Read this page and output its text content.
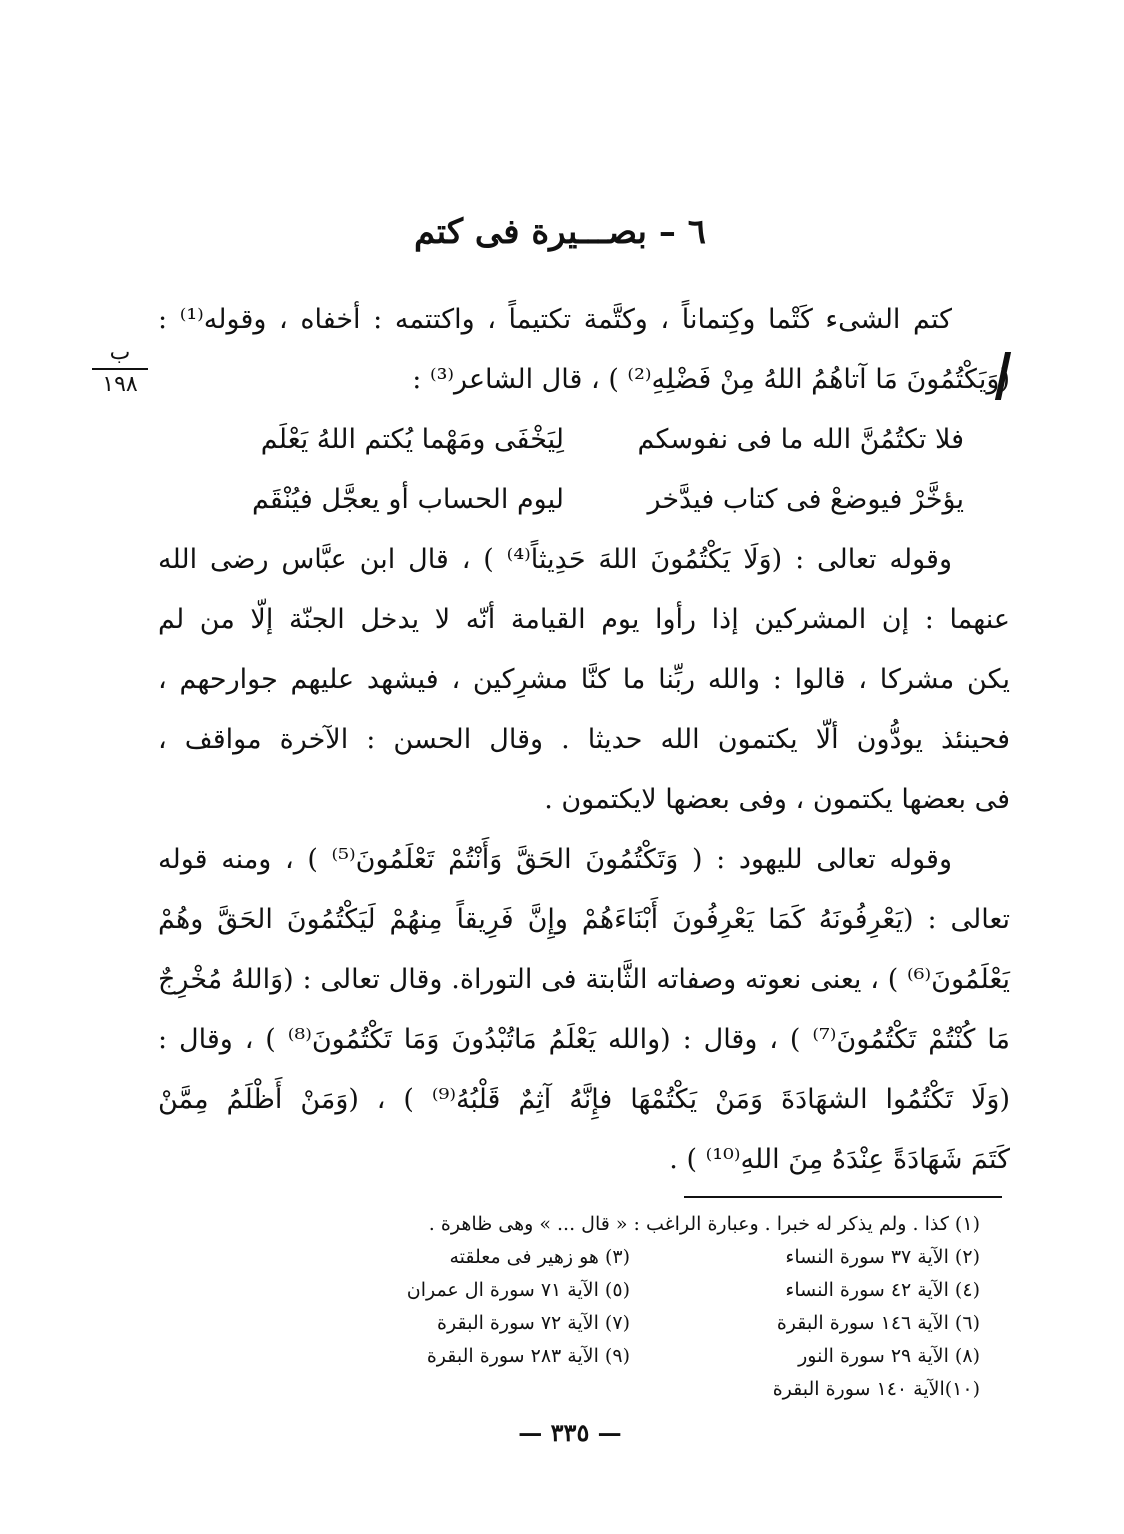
٦ – بصـــيرة فى كتم
ب
١٩٨
كتم الشىء كَتْما وكِتماناً ، وكتَّمة تكتيماً ، واكتتمه : أخفاه ، وقوله⁽¹⁾ :
(وَيَكْتُمُونَ مَا آتاهُمُ اللهُ مِنْ فَضْلِهِ⁽²⁾ ) ، قال الشاعر⁽³⁾ :
فلا تكتُمُنَّ الله ما فى نفوسكم
لِيَخْفَى ومَهْما يُكتم اللهُ يَعْلَم
يؤخَّرْ فيوضعْ فى كتاب فيدَّخر
ليوم الحساب أو يعجَّل فيُنْقَم
وقوله تعالى : (وَلَا يَكْتُمُونَ اللهَ حَدِيثاً⁽⁴⁾ ) ، قال ابن عبَّاس رضى الله
عنهما : إن المشركين إذا رأوا يوم القيامة أنّه لا يدخل الجنّة إلّا من لم
يكن مشركا ، قالوا : والله ربِّنا ما كنَّا مشرِكين ، فيشهد عليهم جوارحهم ،
فحينئذ يودُّون ألّا يكتمون الله حديثا . وقال الحسن : الآخرة مواقف ،
فى بعضها يكتمون ، وفى بعضها لايكتمون .
وقوله تعالى لليهود : ( وَتَكْتُمُونَ الحَقَّ وَأَنْتُمْ تَعْلَمُونَ⁽⁵⁾ ) ، ومنه قوله
تعالى : (يَعْرِفُونَهُ كَمَا يَعْرِفُونَ أَبْنَاءَهُمْ وإِنَّ فَرِيقاً مِنهُمْ لَيَكْتُمُونَ الحَقَّ وهُمْ
يَعْلَمُونَ⁽⁶⁾ ) ، يعنى نعوته وصفاته الثَّابتة فى التوراة. وقال تعالى : (وَاللهُ مُخْرِجٌ
مَا كُنْتُمْ تَكْتُمُونَ⁽⁷⁾ ) ، وقال : (والله يَعْلَمُ مَاتُبْدُونَ وَمَا تَكْتُمُونَ⁽⁸⁾ ) ، وقال :
(وَلَا تَكْتُمُوا الشهَادَةَ وَمَنْ يَكْتُمْهَا فإِنَّهُ آثِمٌ قَلْبُهُ⁽⁹⁾ ) ، (وَمَنْ أَظْلَمُ مِمَّنْ
كَتَمَ شَهَادَةً عِنْدَهُ مِنَ اللهِ⁽¹⁰⁾ ) .
(١) كذا . ولم يذكر له خبرا . وعبارة الراغب : « قال ... » وهى ظاهرة .
(٢) الآية ٣٧ سورة النساء
(٣) هو زهير فى معلقته
(٤) الآية ٤٢ سورة النساء
(٥) الآية ٧١ سورة ال عمران
(٦) الآية ١٤٦ سورة البقرة
(٧) الآية ٧٢ سورة البقرة
(٨) الآية ٢٩ سورة النور
(٩) الآية ٢٨٣ سورة البقرة
(١٠)الآية ١٤٠ سورة البقرة
— ٣٣٥ —
